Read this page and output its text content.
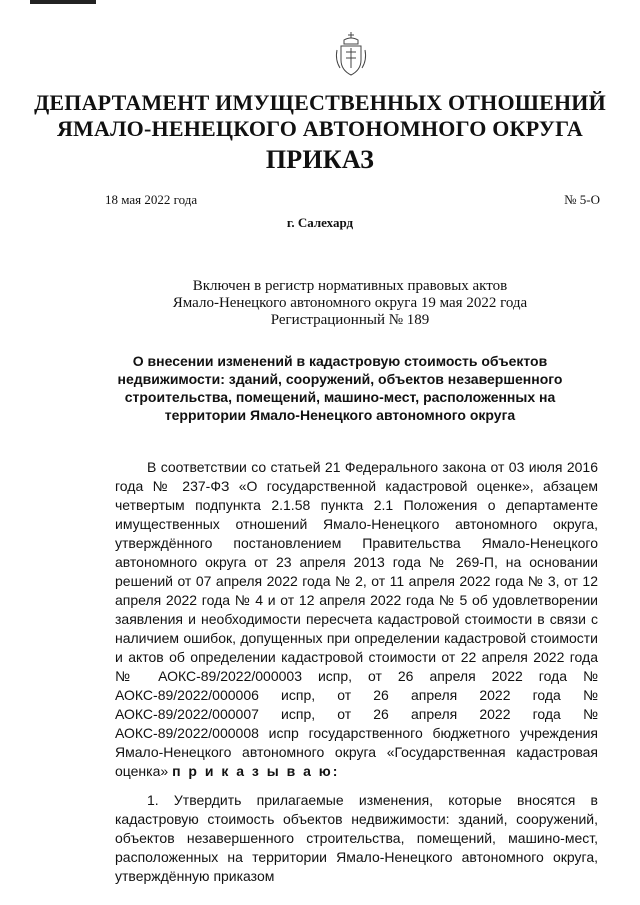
ДЕПАРТАМЕНТ ИМУЩЕСТВЕННЫХ ОТНОШЕНИЙ
ЯМАЛО-НЕНЕЦКОГО АВТОНОМНОГО ОКРУГА
ПРИКАЗ
18 мая 2022 года	№ 5-О
г. Салехард
Включен в регистр нормативных правовых актов
Ямало-Ненецкого автономного округа 19 мая 2022 года
Регистрационный № 189
О внесении изменений в кадастровую стоимость объектов
недвижимости: зданий, сооружений, объектов незавершенного
строительства, помещений, машино-мест, расположенных на
территории Ямало-Ненецкого автономного округа

В соответствии со статьей 21 Федерального закона от 03 июля 2016 года № 237-ФЗ «О государственной кадастровой оценке», абзацем четвертым подпункта 2.1.58 пункта 2.1 Положения о департаменте имущественных отношений Ямало-Ненецкого автономного округа, утверждённого постановлением Правительства Ямало-Ненецкого автономного округа от 23 апреля 2013 года № 269-П, на основании решений от 07 апреля 2022 года № 2, от 11 апреля 2022 года № 3, от 12 апреля 2022 года № 4 и от 12 апреля 2022 года № 5 об удовлетворении заявления и необходимости пересчета кадастровой стоимости в связи с наличием ошибок, допущенных при определении кадастровой стоимости и актов об определении кадастровой стоимости от 22 апреля 2022 года № АОКС-89/2022/000003 испр, от 26 апреля 2022 года № АОКС-89/2022/000006 испр, от 26 апреля 2022 года № АОКС-89/2022/000007 испр, от 26 апреля 2022 года № АОКС-89/2022/000008 испр государственного бюджетного учреждения Ямало-Ненецкого автономного округа «Государственная кадастровая оценка» п р и к а з ы в а ю:

1. Утвердить прилагаемые изменения, которые вносятся в кадастровую стоимость объектов недвижимости: зданий, сооружений, объектов незавершенного строительства, помещений, машино-мест, расположенных на территории Ямало-Ненецкого автономного округа, утверждённую приказом
